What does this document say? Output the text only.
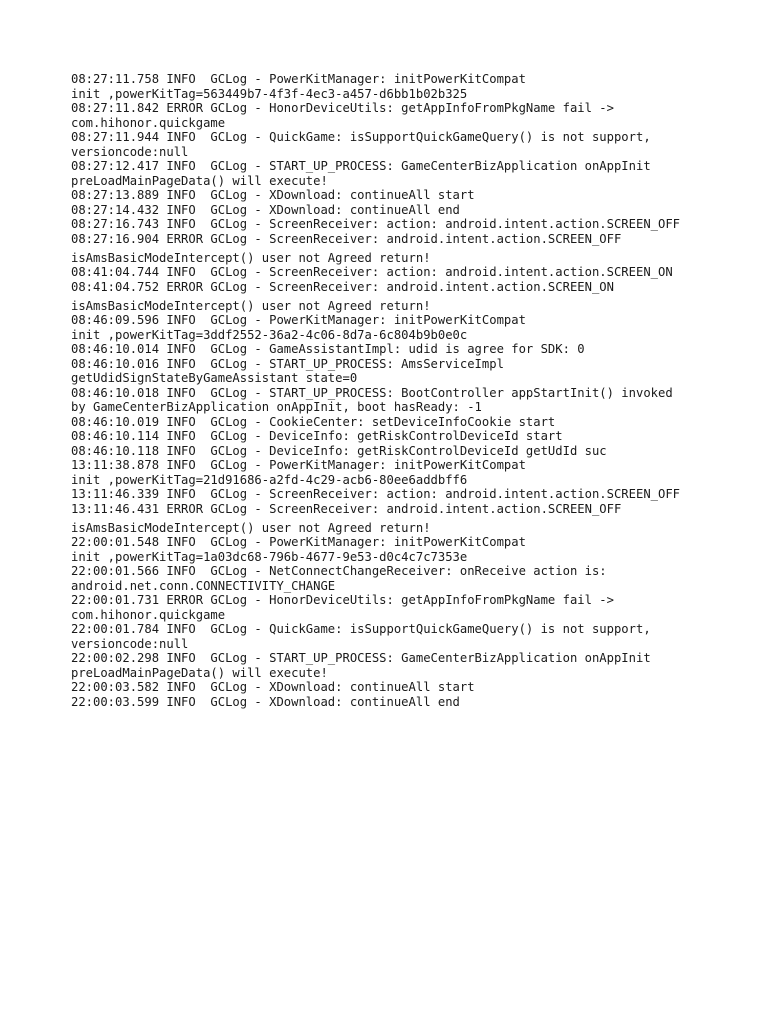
08:27:11.758 INFO  GCLog - PowerKitManager: initPowerKitCompat
init ,powerKitTag=563449b7-4f3f-4ec3-a457-d6bb1b02b325
08:27:11.842 ERROR GCLog - HonorDeviceUtils: getAppInfoFromPkgName fail ->
com.hihonor.quickgame
08:27:11.944 INFO  GCLog - QuickGame: isSupportQuickGameQuery() is not support,
versioncode:null
08:27:12.417 INFO  GCLog - START_UP_PROCESS: GameCenterBizApplication onAppInit
preLoadMainPageData() will execute!
08:27:13.889 INFO  GCLog - XDownload: continueAll start
08:27:14.432 INFO  GCLog - XDownload: continueAll end
08:27:16.743 INFO  GCLog - ScreenReceiver: action: android.intent.action.SCREEN_OFF
08:27:16.904 ERROR GCLog - ScreenReceiver: android.intent.action.SCREEN_OFF
isAmsBasicModeIntercept() user not Agreed return!
08:41:04.744 INFO  GCLog - ScreenReceiver: action: android.intent.action.SCREEN_ON
08:41:04.752 ERROR GCLog - ScreenReceiver: android.intent.action.SCREEN_ON
isAmsBasicModeIntercept() user not Agreed return!
08:46:09.596 INFO  GCLog - PowerKitManager: initPowerKitCompat
init ,powerKitTag=3ddf2552-36a2-4c06-8d7a-6c804b9b0e0c
08:46:10.014 INFO  GCLog - GameAssistantImpl: udid is agree for SDK: 0
08:46:10.016 INFO  GCLog - START_UP_PROCESS: AmsServiceImpl
getUdidSignStateByGameAssistant state=0
08:46:10.018 INFO  GCLog - START_UP_PROCESS: BootController appStartInit() invoked
by GameCenterBizApplication onAppInit, boot hasReady: -1
08:46:10.019 INFO  GCLog - CookieCenter: setDeviceInfoCookie start
08:46:10.114 INFO  GCLog - DeviceInfo: getRiskControlDeviceId start
08:46:10.118 INFO  GCLog - DeviceInfo: getRiskControlDeviceId getUdId suc
13:11:38.878 INFO  GCLog - PowerKitManager: initPowerKitCompat
init ,powerKitTag=21d91686-a2fd-4c29-acb6-80ee6addbff6
13:11:46.339 INFO  GCLog - ScreenReceiver: action: android.intent.action.SCREEN_OFF
13:11:46.431 ERROR GCLog - ScreenReceiver: android.intent.action.SCREEN_OFF
isAmsBasicModeIntercept() user not Agreed return!
22:00:01.548 INFO  GCLog - PowerKitManager: initPowerKitCompat
init ,powerKitTag=1a03dc68-796b-4677-9e53-d0c4c7c7353e
22:00:01.566 INFO  GCLog - NetConnectChangeReceiver: onReceive action is:
android.net.conn.CONNECTIVITY_CHANGE
22:00:01.731 ERROR GCLog - HonorDeviceUtils: getAppInfoFromPkgName fail ->
com.hihonor.quickgame
22:00:01.784 INFO  GCLog - QuickGame: isSupportQuickGameQuery() is not support,
versioncode:null
22:00:02.298 INFO  GCLog - START_UP_PROCESS: GameCenterBizApplication onAppInit
preLoadMainPageData() will execute!
22:00:03.582 INFO  GCLog - XDownload: continueAll start
22:00:03.599 INFO  GCLog - XDownload: continueAll end
